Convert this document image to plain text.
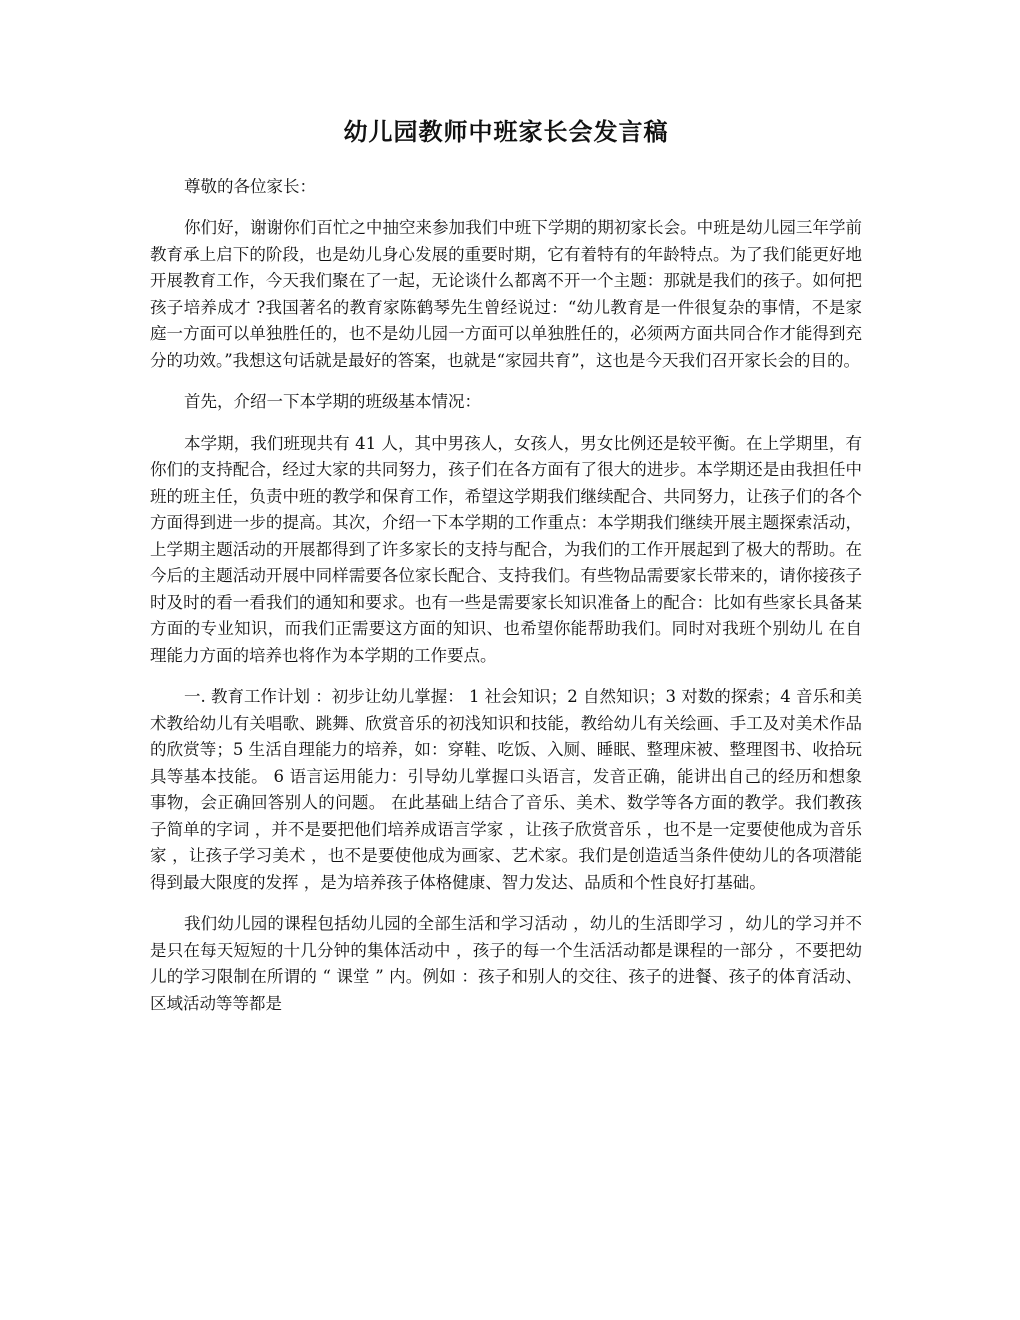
幼儿园教师中班家长会发言稿

尊敬的各位家长：

你们好，谢谢你们百忙之中抽空来参加我们中班下学期的期初家长会。中班是幼儿园三年学前教育承上启下的阶段，也是幼儿身心发展的重要时期，它有着特有的年龄特点。为了我们能更好地开展教育工作，今天我们聚在了一起，无论谈什么都离不开一个主题：那就是我们的孩子。如何把孩子培养成才 ?我国著名的教育家陈鹤琴先生曾经说过：“幼儿教育是一件很复杂的事情，不是家庭一方面可以单独胜任的，也不是幼儿园一方面可以单独胜任的，必须两方面共同合作才能得到充分的功效。”我想这句话就是最好的答案，也就是“家园共育”，这也是今天我们召开家长会的目的。

首先，介绍一下本学期的班级基本情况：

本学期，我们班现共有 41 人，其中男孩人，女孩人，男女比例还是较平衡。在上学期里，有你们的支持配合，经过大家的共同努力，孩子们在各方面有了很大的进步。本学期还是由我担任中班的班主任，负责中班的教学和保育工作，希望这学期我们继续配合、共同努力，让孩子们的各个方面得到进一步的提高。其次，介绍一下本学期的工作重点：本学期我们继续开展主题探索活动，上学期主题活动的开展都得到了许多家长的支持与配合，为我们的工作开展起到了极大的帮助。在今后的主题活动开展中同样需要各位家长配合、支持我们。有些物品需要家长带来的，请你接孩子时及时的看一看我们的通知和要求。也有一些是需要家长知识准备上的配合：比如有些家长具备某方面的专业知识，而我们正需要这方面的知识、也希望你能帮助我们。同时对我班个别幼儿 在自理能力方面的培养也将作为本学期的工作要点。

一. 教育工作计划 ：初步让幼儿掌握： 1 社会知识；2 自然知识；3 对数的探索；4 音乐和美术教给幼儿有关唱歌、跳舞、欣赏音乐的初浅知识和技能，教给幼儿有关绘画、手工及对美术作品的欣赏等；5 生活自理能力的培养，如：穿鞋、吃饭、入厕、睡眠、整理床被、整理图书、收拾玩具等基本技能。 6 语言运用能力：引导幼儿掌握口头语言，发音正确，能讲出自己的经历和想象事物，会正确回答别人的问题。 在此基础上结合了音乐、美术、数学等各方面的教学。我们教孩子简单的字词 ，并不是要把他们培养成语言学家 ，让孩子欣赏音乐 ，也不是一定要使他成为音乐家 ，让孩子学习美术 ，也不是要使他成为画家、艺术家。我们是创造适当条件使幼儿的各项潜能得到最大限度的发挥 ，是为培养孩子体格健康、智力发达、品质和个性良好打基础。

我们幼儿园的课程包括幼儿园的全部生活和学习活动 ，幼儿的生活即学习 ，幼儿的学习并不是只在每天短短的十几分钟的集体活动中 ，孩子的每一个生活活动都是课程的一部分 ，不要把幼儿的学习限制在所谓的 “ 课堂 ” 内。例如 ：孩子和别人的交往、孩子的进餐、孩子的体育活动、区域活动等等都是
